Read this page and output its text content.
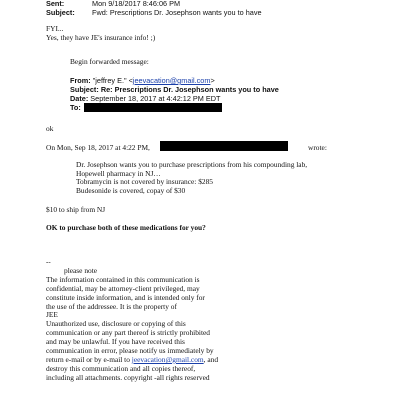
Sent:	Mon 9/18/2017 8:46:06 PM
Subject: Fwd: Prescriptions Dr. Josephson wants you to have
FYI...
Yes, they have JE's insurance info! ;)
Begin forwarded message:
From: "jeffrey E." <jeevacation@gmail.com>
Subject: Re: Prescriptions Dr. Josephson wants you to have
Date: September 18, 2017 at 4:42:12 PM EDT
To:
ok
On Mon, Sep 18, 2017 at 4:22 PM,	wrote:
Dr. Josephson wants you to purchase prescriptions from his compounding lab,
Hopewell pharmacy in NJ…
Tobramycin is not covered by insurance: $285
Budesonide is covered, copay of $30
$10 to ship from NJ
OK to purchase both of these medications for you?
--
please note
The information contained in this communication is
confidential, may be attorney-client privileged, may
constitute inside information, and is intended only for
the use of the addressee. It is the property of
JEE
Unauthorized use, disclosure or copying of this
communication or any part thereof is strictly prohibited
and may be unlawful. If you have received this
communication in error, please notify us immediately by
return e-mail or by e-mail to jeevacation@gmail.com, and
destroy this communication and all copies thereof,
including all attachments. copyright -all rights reserved
